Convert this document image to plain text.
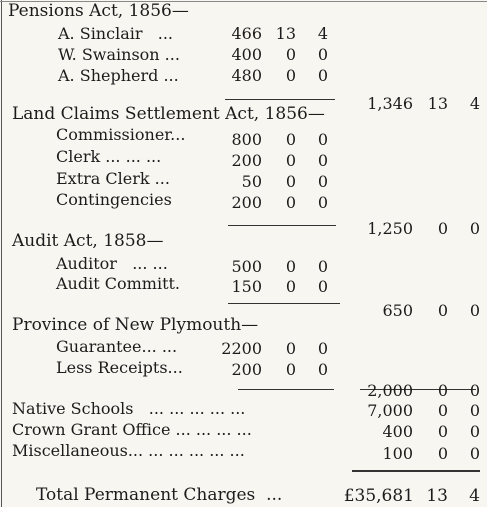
Pensions Act, 1856—
A. Sinclair   ...	466 13	4
W. Swainson ...	400	0	0
A. Shepherd ...	480	0	0
1,346 13	4
Land Claims Settlement Act, 1856—
Commissioner...	800	0	0
Clerk ... ... ...	200	0	0
Extra Clerk ...	50	0	0
Contingencies	200	0	0
1,250	0	0
Audit Act, 1858—
Auditor   ... ...	500	0	0
Audit Committ.	150	0	0
650	0	0
Province of New Plymouth—
Guarantee... ...	2200	0	0
Less Receipts...	200	0	0
2,000	0	0
Native Schools   ... ... ... ... ...	7,000	0	0
Crown Grant Office ... ... ... ...	400	0	0
Miscellaneous... ... ... ... ... ...	100	0	0
Total Permanent Charges  ...	£35,681 13	4
